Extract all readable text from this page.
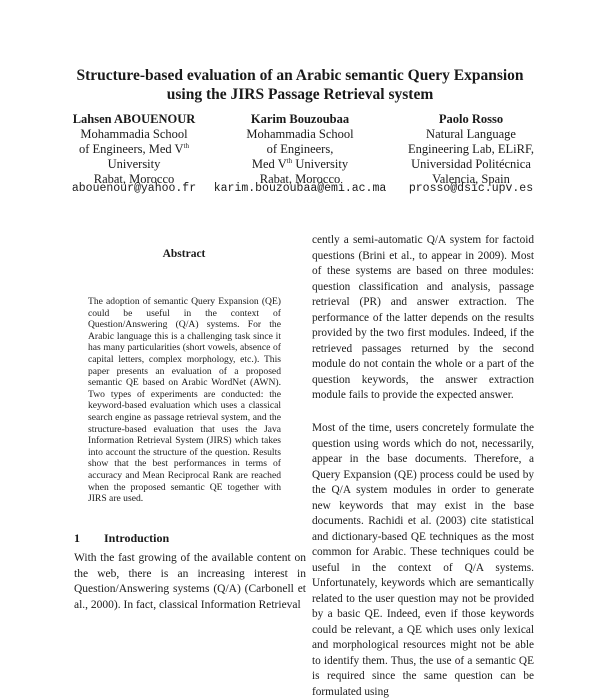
Structure-based evaluation of an Arabic semantic Query Expansion
using the JIRS Passage Retrieval system
Lahsen ABOUENOUR
Mohammadia School
of Engineers, Med Vth
University
Rabat, Morocco
abouenour@yahoo.fr
Karim Bouzoubaa
Mohammadia School
of Engineers,
Med Vth University
Rabat, Morocco
karim.bouzoubaa@emi.ac.ma
Paolo Rosso
Natural Language
Engineering Lab, ELiRF,
Universidad Politécnica
Valencia, Spain
prosso@dsic.upv.es
Abstract
The adoption of semantic Query Expansion (QE) could be useful in the context of Question/Answering (Q/A) systems. For the Arabic language this is a challenging task since it has many particularities (short vowels, absence of capital letters, complex morphology, etc.). This paper presents an evaluation of a proposed semantic QE based on Arabic WordNet (AWN). Two types of experiments are conducted: the keyword-based evaluation which uses a classical search engine as passage retrieval system, and the structure-based evaluation that uses the Java Information Retrieval System (JIRS) which takes into account the structure of the question. Results show that the best performances in terms of accuracy and Mean Reciprocal Rank are reached when the proposed semantic QE together with JIRS are used.
1 Introduction
With the fast growing of the available content on the web, there is an increasing interest in Question/Answering systems (Q/A) (Carbonell et al., 2000). In fact, classical Information Retrieval
cently a semi-automatic Q/A system for factoid questions (Brini et al., to appear in 2009). Most of these systems are based on three modules: question classification and analysis, passage retrieval (PR) and answer extraction. The performance of the latter depends on the results provided by the two first modules. Indeed, if the retrieved passages returned by the second module do not contain the whole or a part of the question keywords, the answer extraction module fails to provide the expected answer.
Most of the time, users concretely formulate the question using words which do not, necessarily, appear in the base documents. Therefore, a Query Expansion (QE) process could be used by the Q/A system modules in order to generate new keywords that may exist in the base documents. Rachidi et al. (2003) cite statistical and dictionary-based QE techniques as the most common for Arabic. These techniques could be useful in the context of Q/A systems. Unfortunately, keywords which are semantically related to the user question may not be provided by a basic QE. Indeed, even if those keywords could be relevant, a QE which uses only lexical and morphological resources might not be able to identify them. Thus, the use of a semantic QE is required since the same question can be formulated using
